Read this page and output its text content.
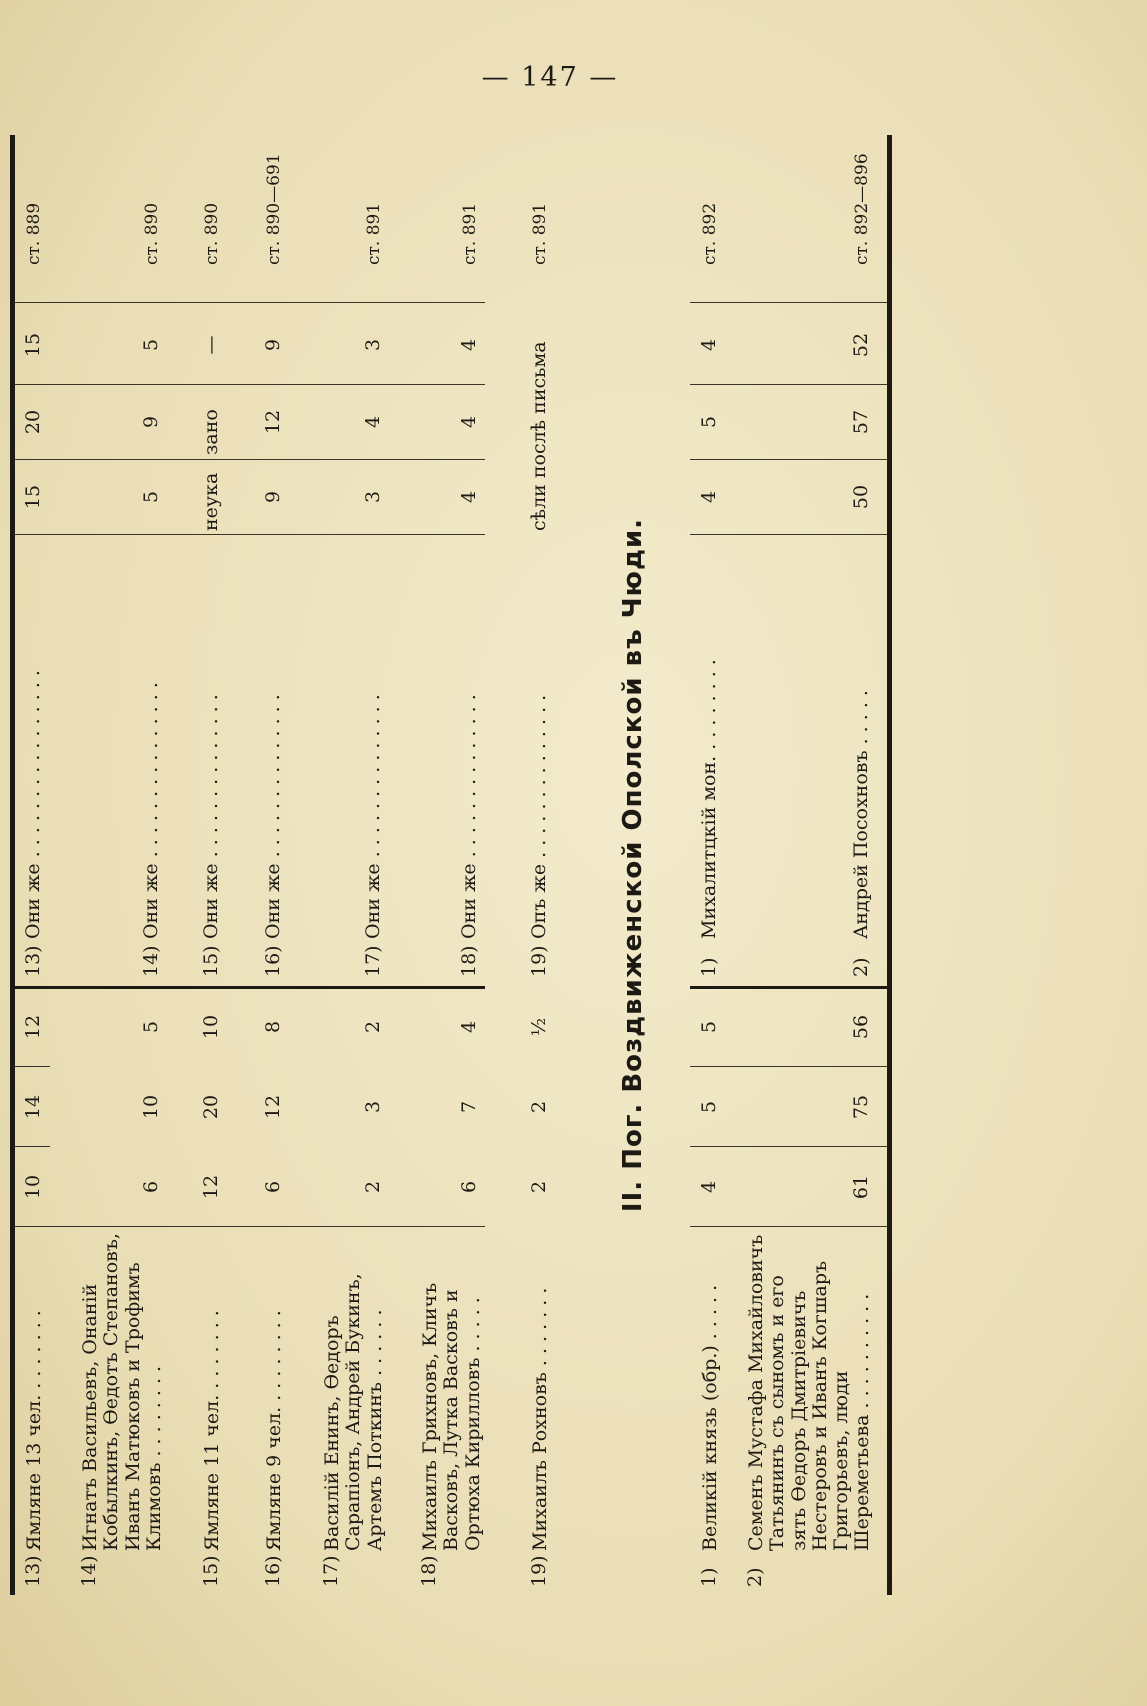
— 147 —
13)
Ямляне 13 чел. . . . . . . .
10
14
12
13)
Они же . . . . . . . . . . . . . . . .
15
20
15
ст. 889
14)
Игнатъ Васильевъ, Онаній Кобылкинъ, Ѳедотъ Степановъ, Иванъ Матюковъ и Трофимъ Климовъ . . . . . . . .
6
10
5
14)
Они же . . . . . . . . . . . . . . .
5
9
5
ст. 890
15)
Ямляне 11 чел. . . . . . . .
12
20
10
15)
Они же . . . . . . . . . . . . . .
неука
зано
—
ст. 890
16)
Ямляне 9 чел. . . . . . . . .
6
12
8
16)
Они же . . . . . . . . . . . . . .
9
12
9
ст. 890—691
17)
Василій Енинъ, Ѳедоръ Сарапіонъ, Андрей Букинъ, Артемъ Поткинъ . . . . . .
2
3
2
17)
Они же . . . . . . . . . . . . . .
3
4
3
ст. 891
18)
Михаилъ Грихновъ, Кличъ Васковъ, Лутка Васковъ и Ортюха Кирилловъ . . . . .
6
7
4
18)
Они же . . . . . . . . . . . . . .
4
4
4
ст. 891
19)
Михаилъ Рохновъ . . . . . . .
2
2
½
19)
Опъ же . . . . . . . . . . . . . .
сѣли послѣ письма
ст. 891
II. Пог. Воздвиженской Ополской въ Чюди.
1)
Великій князь (обр.) . . . . .
4
5
5
1)
Михалитцкій мон. . . . . . . . .
4
5
4
ст. 892
2)
Семенъ Мустафа Михайловичъ Татьянинъ съ сыномъ и его зять Ѳедоръ Дмитріевичъ Нестеровъ и Иванъ Когшаръ Григорьевъ, люди Шереметьева . . . . . . . . . .
61
75
56
2)
Андрей Посохновъ . . . . .
50
57
52
ст. 892—896
